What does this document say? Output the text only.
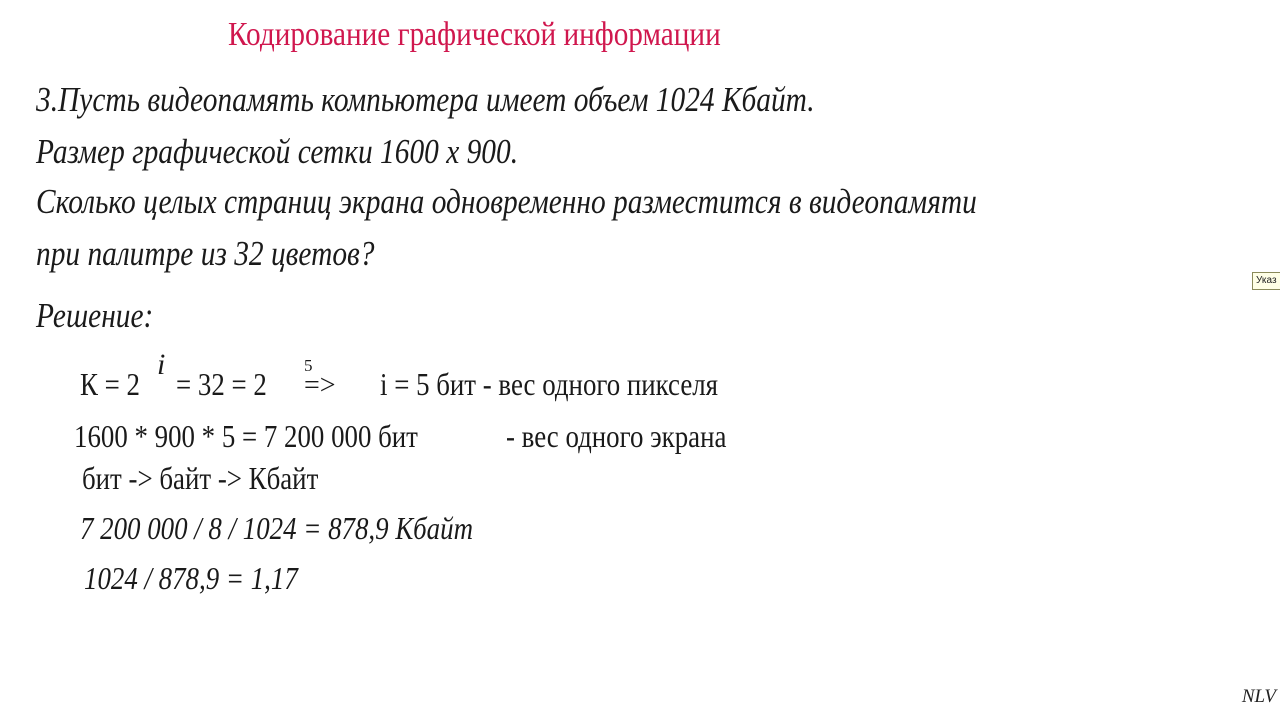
Кодирование графической информации
3.Пусть видеопамять компьютера имеет объем 1024 Кбайт.
Размер графической сетки 1600 х 900.
Сколько целых страниц экрана одновременно разместится в видеопамяти
при палитре из 32 цветов?
Решение:
К = 2
i
= 32 = 2
5
=> i = 5 бит - вес одного пикселя
1600 * 900 * 5 = 7 200 000 бит	- вес одного экрана
бит -> байт -> Кбайт
7 200 000 / 8 / 1024 = 878,9 Кбайт
1024 / 878,9 = 1,17
Указ
NLV
